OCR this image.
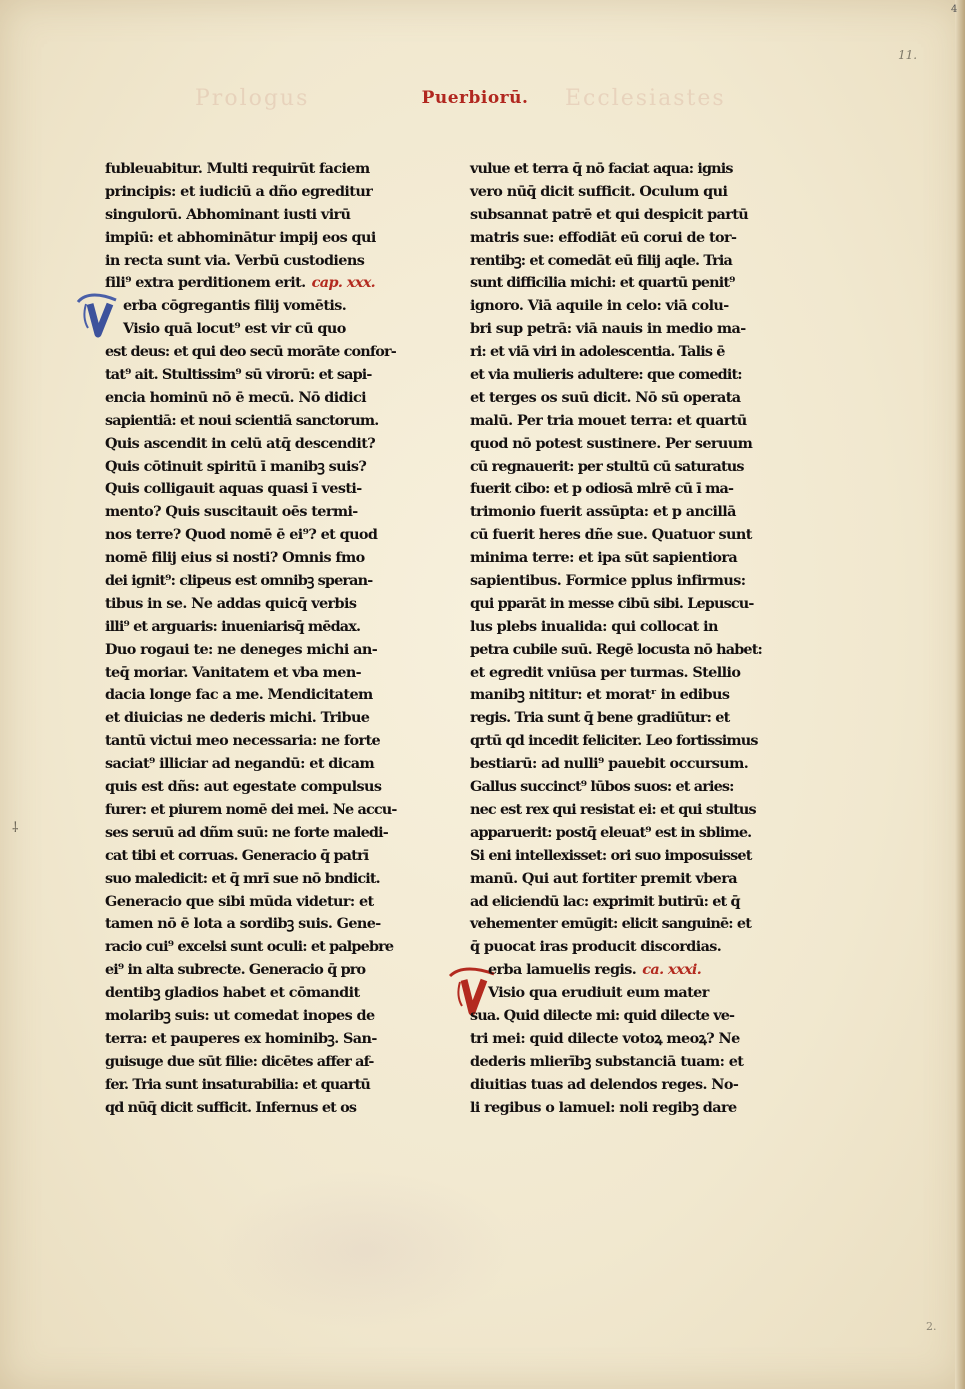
4
11.
Prologus	Ecclesiastes
Puerbiorū.
fubleuabitur. Multi requirūt faciem
principis: et iudiciū a dño egreditur
singulorū. Abhominant iusti virū
impiū: et abhominātur impij eos qui
in recta sunt via. Verbū custodiens
fili⁹ extra perditionem erit. cap. xxx.
erba cōgregantis filij vomētis.
Visio quā locut⁹ est vir cū quo
est deus: et qui deo secū morāte confor-
tat⁹ ait. Stultissim⁹ sū virorū: et sapi-
encia hominū nō ē mecū. Nō didici
sapientiā: et noui scientiā sanctorum.
Quis ascendit in celū atq̄ descendit?
Quis cōtinuit spiritū ī manibꝫ suis?
Quis colligauit aquas quasi ī vesti-
mento? Quis suscitauit oēs termi-
nos terre? Quod nomē ē ei⁹? et quod
nomē filij eius si nosti? Omnis fmo
dei ignit⁹: clipeus est omnibꝫ speran-
tibus in se. Ne addas quicq̄ verbis
illi⁹ et arguaris: inueniarisq̄ mēdax.
Duo rogaui te: ne deneges michi an-
teq̄ moriar. Vanitatem et vba men-
dacia longe fac a me. Mendicitatem
et diuicias ne dederis michi. Tribue
tantū victui meo necessaria: ne forte
saciat⁹ illiciar ad negandū: et dicam
quis est dñs: aut egestate compulsus
furer: et piurem nomē dei mei. Ne accu-
ses seruū ad dñm suū: ne forte maledi-
cat tibi et corruas. Generacio q̄ patrī
suo maledicit: et q̄ mrī sue nō bndicit.
Generacio que sibi mūda videtur: et
tamen nō ē lota a sordibꝫ suis. Gene-
racio cui⁹ excelsi sunt oculi: et palpebre
ei⁹ in alta subrecte. Generacio q̄ pro
dentibꝫ gladios habet et cōmandit
molaribꝫ suis: ut comedat inopes de
terra: et pauperes ex hominibꝫ. San-
guisuge due sūt filie: dicētes affer af-
fer. Tria sunt insaturabilia: et quartū
qd nūq̄ dicit sufficit. Infernus et os
vulue et terra q̄ nō faciat aqua: ignis
vero nūq̄ dicit sufficit. Oculum qui
subsannat patrē et qui despicit partū
matris sue: effodiāt eū corui de tor-
rentibꝫ: et comedāt eū filij aqle. Tria
sunt difficilia michi: et quartū penit⁹
ignoro. Viā aquile in celo: viā colu-
bri sup petrā: viā nauis in medio ma-
ri: et viā viri in adolescentia. Talis ē
et via mulieris adultere: que comedit:
et terges os suū dicit. Nō sū operata
malū. Per tria mouet terra: et quartū
quod nō potest sustinere. Per seruum
cū regnauerit: per stultū cū saturatus
fuerit cibo: et p odiosā mlrē cū ī ma-
trimonio fuerit assūpta: et p ancillā
cū fuerit heres dñe sue. Quatuor sunt
minima terre: et ipa sūt sapientiora
sapientibus. Formice pplus infirmus:
qui pparāt in messe cibū sibi. Lepuscu-
lus plebs inualida: qui collocat in
petra cubile suū. Regē locusta nō habet:
et egredit vniūsa per turmas. Stellio
manibꝫ nititur: et moratʳ in edibus
regis. Tria sunt q̄ bene gradiūtur: et
qrtū qd incedit feliciter. Leo fortissimus
bestiarū: ad nulli⁹ pauebit occursum.
Gallus succinct⁹ lūbos suos: et aries:
nec est rex qui resistat ei: et qui stultus
apparuerit: postq̄ eleuat⁹ est in sblime.
Si eni intellexisset: ori suo imposuisset
manū. Qui aut fortiter premit vbera
ad eliciendū lac: exprimit butirū: et q̄
vehementer emūgit: elicit sanguinē: et
q̄ puocat iras producit discordias.
erba lamuelis regis. ca. xxxi.
Visio qua erudiuit eum mater
sua. Quid dilecte mi: quid dilecte ve-
tri mei: quid dilecte votoꝝ meoꝝ? Ne
dederis mlierībꝫ substanciā tuam: et
diuitias tuas ad delendos reges. No-
li regibus o lamuel: noli regibꝫ dare
⸸
2.
